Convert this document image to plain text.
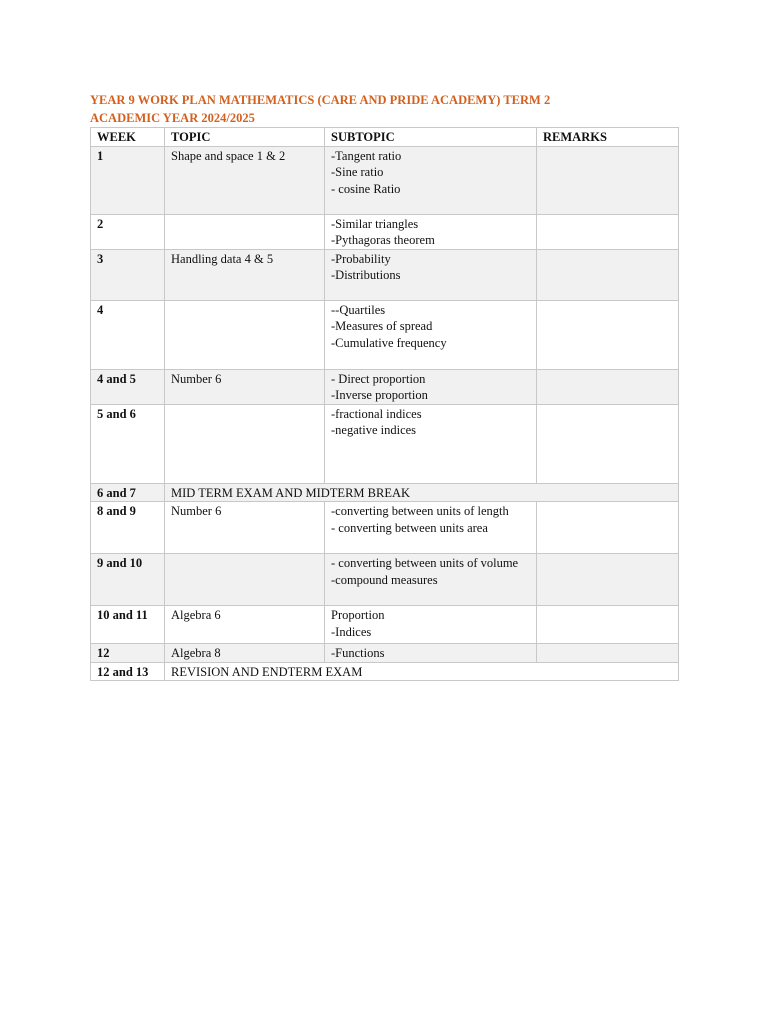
YEAR 9 WORK PLAN MATHEMATICS (CARE AND PRIDE ACADEMY) TERM 2
ACADEMIC YEAR 2024/2025
WEEK	TOPIC	SUBTOPIC	REMARKS
1	Shape and space 1 & 2	-Tangent ratio
-Sine ratio
- cosine Ratio	

2		-Similar triangles
-Pythagoras theorem	

3	Handling data 4 & 5	-Probability
-Distributions	

4		--Quartiles
-Measures of spread
-Cumulative frequency	

4 and 5	Number 6	- Direct proportion
-Inverse proportion	

5 and 6		-fractional indices
-negative indices	

6 and 7	MID TERM EXAM AND MIDTERM BREAK		
8 and 9	Number 6	-converting between units of length
- converting between units area	

9 and 10		- converting between units of volume
-compound measures	

10 and 11	Algebra 6	Proportion
-Indices	

12	Algebra 8	-Functions	

12 and 13	REVISION AND ENDTERM EXAM		
